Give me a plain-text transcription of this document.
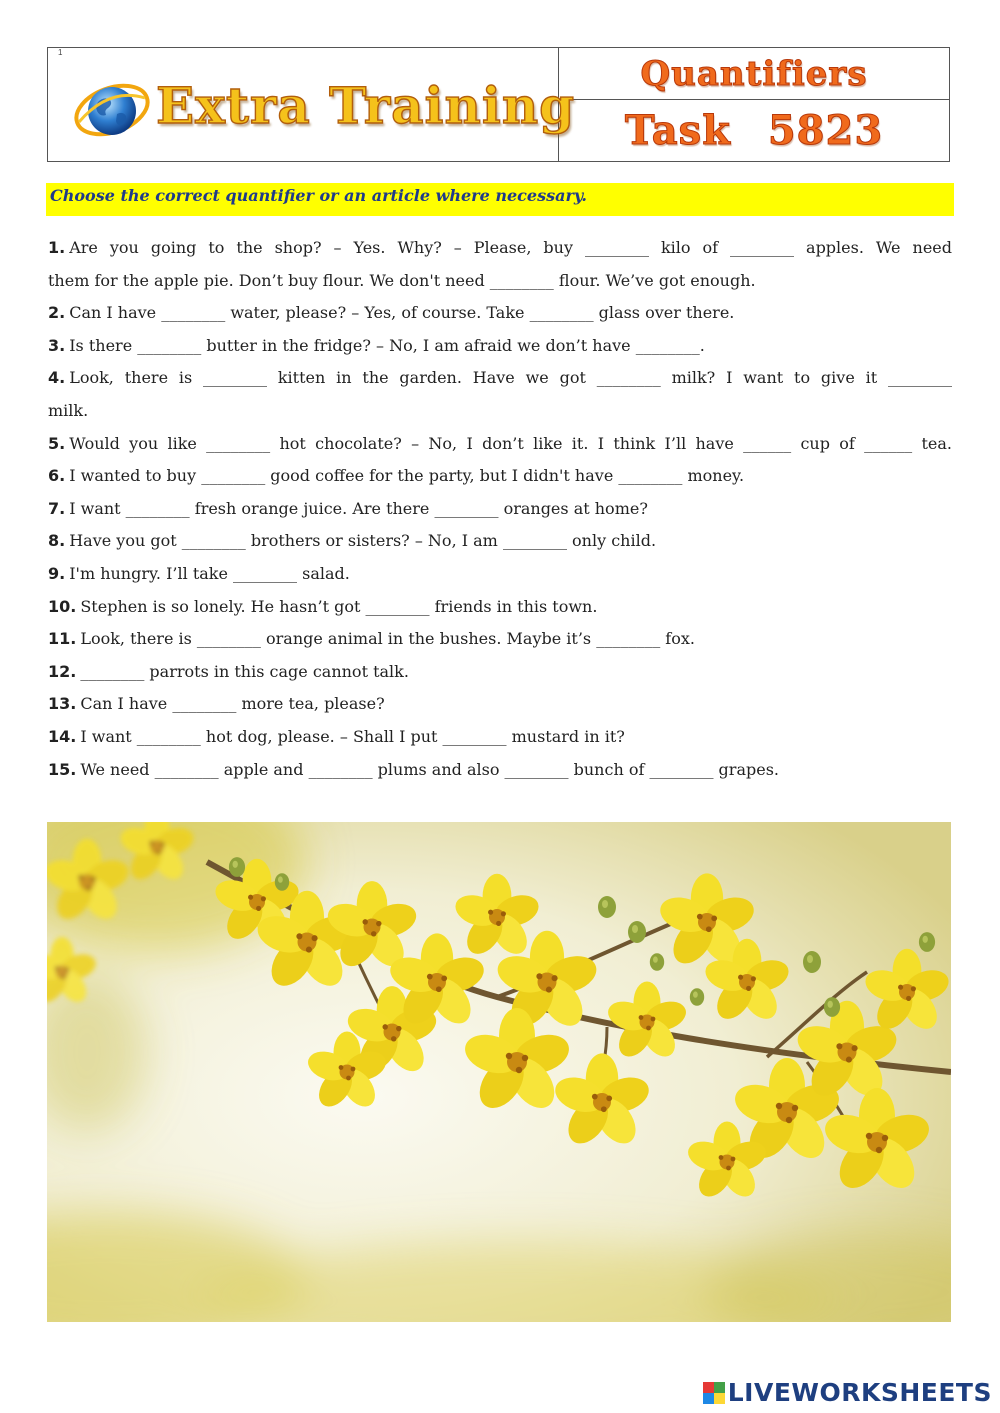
1
Extra Training
Quantifiers
Task 5823
Choose the correct quantifier or an article where necessary.

1. Are you going to the shop? – Yes. Why? – Please, buy ________ kilo of ________ apples. We need

them for the apple pie. Don’t buy flour. We don't need ________ flour. We’ve got enough.

2. Can I have ________ water, please? – Yes, of course. Take ________ glass over there.

3. Is there ________ butter in the fridge? – No, I am afraid we don’t have ________.

4. Look, there is ________ kitten in the garden. Have we got ________ milk? I want to give it ________

milk.

5. Would you like ________ hot chocolate? – No, I don’t like it. I think I’ll have ______ cup of ______ tea.

6. I wanted to buy ________ good coffee for the party, but I didn't have ________ money.

7. I want ________ fresh orange juice. Are there ________ oranges at home?

8. Have you got ________ brothers or sisters? – No, I am ________ only child.

9. I'm hungry. I’ll take ________ salad.

10. Stephen is so lonely. He hasn’t got ________ friends in this town.

11. Look, there is ________ orange animal in the bushes. Maybe it’s ________ fox.

12. ________ parrots in this cage cannot talk.

13. Can I have ________ more tea, please?

14. I want ________ hot dog, please. – Shall I put ________ mustard in it?

15. We need ________ apple and ________ plums and also ________ bunch of ________ grapes.

LIVEWORKSHEETS
